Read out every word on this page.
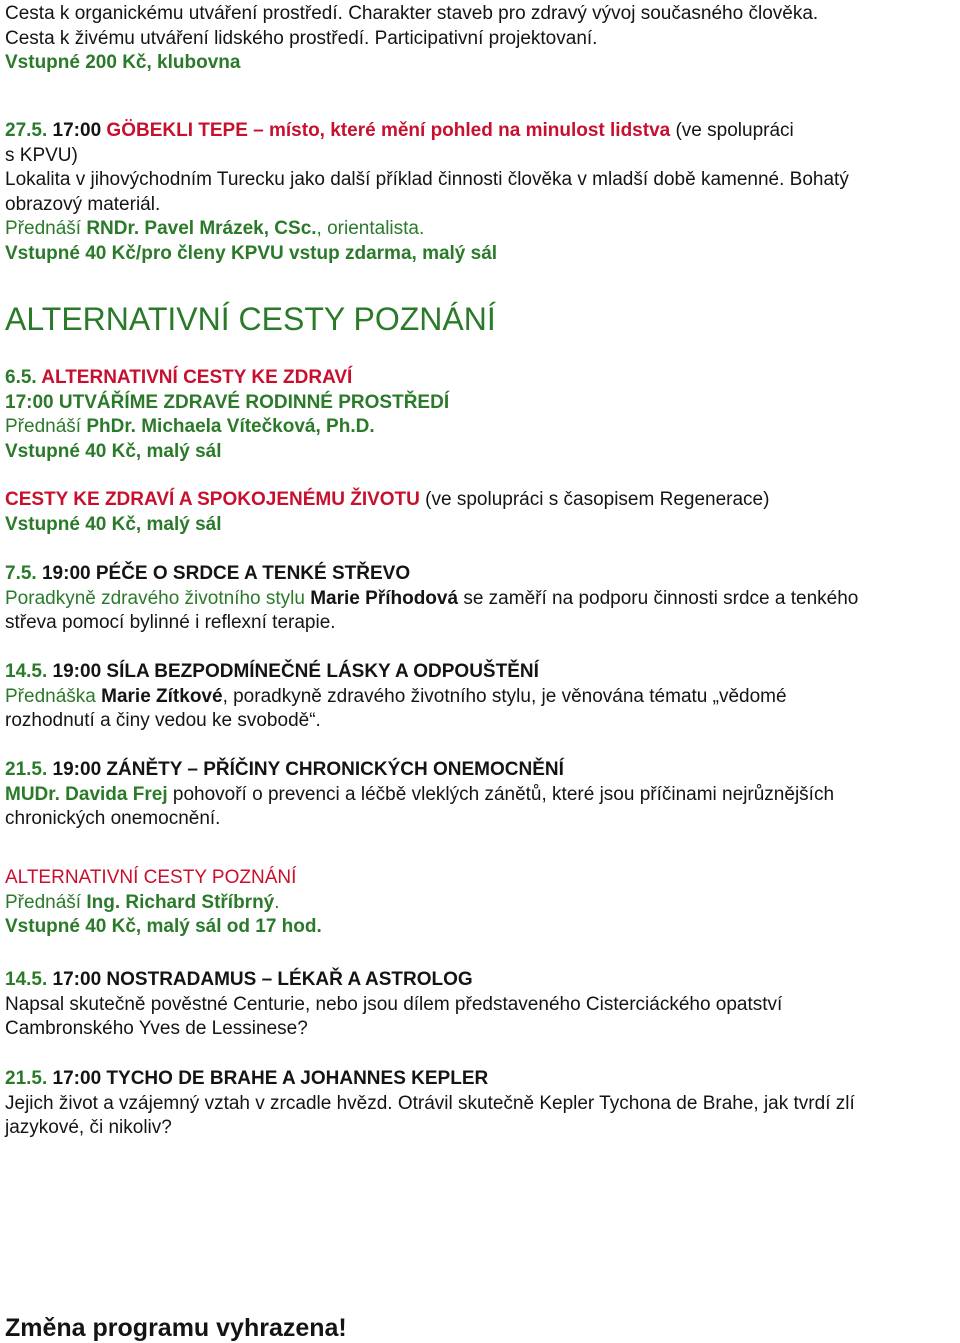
Cesta k organickému utváření prostředí. Charakter staveb pro zdravý vývoj současného člověka.
Cesta k živému utváření lidského prostředí. Participativní projektovaní.
Vstupné 200 Kč, klubovna
27.5. 17:00 GÖBEKLI TEPE – místo, které mění pohled na minulost lidstva (ve spolupráci
s KPVU)
Lokalita v jihovýchodním Turecku jako další příklad činnosti člověka v mladší době kamenné. Bohatý
obrazový materiál.
Přednáší RNDr. Pavel Mrázek, CSc., orientalista.
Vstupné 40 Kč/pro členy KPVU vstup zdarma, malý sál
ALTERNATIVNÍ CESTY POZNÁNÍ
6.5. ALTERNATIVNÍ CESTY KE ZDRAVÍ
17:00 UTVÁŘÍME ZDRAVÉ RODINNÉ PROSTŘEDÍ
Přednáší PhDr. Michaela Vítečková, Ph.D.
Vstupné 40 Kč, malý sál
CESTY KE ZDRAVÍ A SPOKOJENÉMU ŽIVOTU (ve spolupráci s časopisem Regenerace)
Vstupné 40 Kč, malý sál
7.5. 19:00 PÉČE O SRDCE A TENKÉ STŘEVO
Poradkyně zdravého životního stylu Marie Příhodová se zaměří na podporu činnosti srdce a tenkého
střeva pomocí bylinné i reflexní terapie.
14.5. 19:00 SÍLA BEZPODMÍNEČNÉ LÁSKY A ODPOUŠTĚNÍ
Přednáška Marie Zítkové, poradkyně zdravého životního stylu, je věnována tématu „vědomé
rozhodnutí a činy vedou ke svobodě“.
21.5. 19:00 ZÁNĚTY – PŘÍČINY CHRONICKÝCH ONEMOCNĚNÍ
MUDr. Davida Frej pohovoří o prevenci a léčbě vleklých zánětů, které jsou příčinami nejrůznějších
chronických onemocnění.
ALTERNATIVNÍ CESTY POZNÁNÍ
Přednáší Ing. Richard Stříbrný.
Vstupné 40 Kč, malý sál od 17 hod.
14.5. 17:00 NOSTRADAMUS – LÉKAŘ A ASTROLOG
Napsal skutečně pověstné Centurie, nebo jsou dílem představeného Cisterciáckého opatství
Cambronského Yves de Lessinese?
21.5. 17:00 TYCHO DE BRAHE A JOHANNES KEPLER
Jejich život a vzájemný vztah v zrcadle hvězd. Otrávil skutečně Kepler Tychona de Brahe, jak tvrdí zlí
jazykové, či nikoliv?
Změna programu vyhrazena!
